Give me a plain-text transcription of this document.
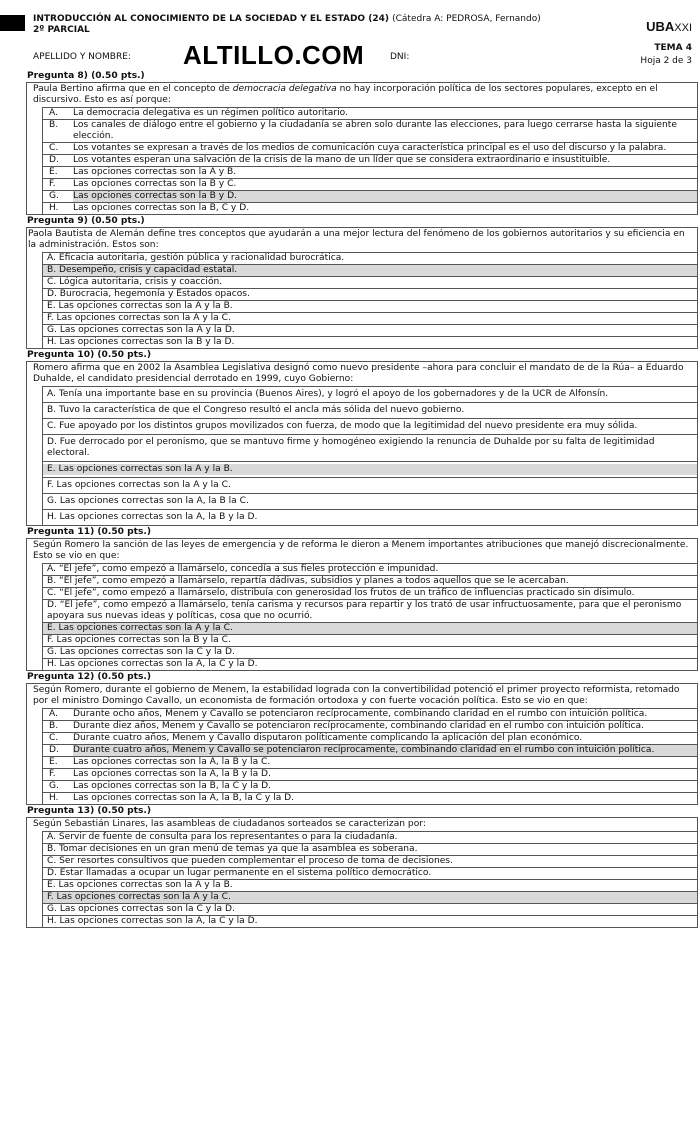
INTRODUCCIÓN AL CONOCIMIENTO DE LA SOCIEDAD Y EL ESTADO (24) (Cátedra A: PEDROSA, Fernando)
2º PARCIAL
APELLIDO Y NOMBRE: ALTILLO.COM	DNI:
UBAXXI
TEMA 4
Hoja 2 de 3
Pregunta 8) (0.50 pts.)
Paula Bertino afirma que en el concepto de democracia delegativa no hay incorporación política de los sectores populares, excepto en el discursivo. Esto es así porque:
A.	La democracia delegativa es un régimen político autoritario.
B.	Los canales de diálogo entre el gobierno y la ciudadanía se abren solo durante las elecciones, para luego cerrarse hasta la siguiente elección.
C.	Los votantes se expresan a través de los medios de comunicación cuya característica principal es el uso del discurso y la palabra.
D.	Los votantes esperan una salvación de la crisis de la mano de un líder que se considera extraordinario e insustituible.
E.	Las opciones correctas son la A y B.
F.	Las opciones correctas son la B y C.
G.	Las opciones correctas son la B y D.
H.	Las opciones correctas son la B, C y D.
Pregunta 9) (0.50 pts.)
Paola Bautista de Alemán define tres conceptos que ayudarán a una mejor lectura del fenómeno de los gobiernos autoritarios y su eficiencia en la administración. Estos son:
A. Eficacia autoritaria, gestión pública y racionalidad burocrática.
B. Desempeño, crisis y capacidad estatal.
C. Lógica autoritaria, crisis y coacción.
D. Burocracia, hegemonía y Estados opacos.
E. Las opciones correctas son la A y la B.
F. Las opciones correctas son la A y la C.
G. Las opciones correctas son la A y la D.
H. Las opciones correctas son la B y la D.
Pregunta 10) (0.50 pts.)
Romero afirma que en 2002 la Asamblea Legislativa designó como nuevo presidente –ahora para concluir el mandato de de la Rúa– a Eduardo Duhalde, el candidato presidencial derrotado en 1999, cuyo Gobierno:
A. Tenía una importante base en su provincia (Buenos Aires), y logró el apoyo de los gobernadores y de la UCR de Alfonsín.
B. Tuvo la característica de que el Congreso resultó el ancla más sólida del nuevo gobierno.
C. Fue apoyado por los distintos grupos movilizados con fuerza, de modo que la legitimidad del nuevo presidente era muy sólida.
D. Fue derrocado por el peronismo, que se mantuvo firme y homogéneo exigiendo la renuncia de Duhalde por su falta de legitimidad electoral.
E. Las opciones correctas son la A y la B.
F. Las opciones correctas son la A y la C.
G. Las opciones correctas son la A, la B la C.
H. Las opciones correctas son la A, la B y la D.
Pregunta 11) (0.50 pts.)
Según Romero la sanción de las leyes de emergencia y de reforma le dieron a Menem importantes atribuciones que manejó discrecionalmente. Esto se vio en que:
A. “El jefe”, como empezó a llamárselo, concedía a sus fieles protección e impunidad.
B. “El jefe”, como empezó a llamárselo, repartía dádivas, subsidios y planes a todos aquellos que se le acercaban.
C. “El jefe”, como empezó a llamárselo, distribuía con generosidad los frutos de un tráfico de influencias practicado sin disimulo.
D. “El jefe”, como empezó a llamárselo, tenía carisma y recursos para repartir y los trató de usar infructuosamente, para que el peronismo apoyara sus nuevas ideas y políticas, cosa que no ocurrió.
E. Las opciones correctas son la A y la C.
F. Las opciones correctas son la B y la C.
G. Las opciones correctas son la C y la D.
H. Las opciones correctas son la A, la C y la D.
Pregunta 12) (0.50 pts.)
Según Romero, durante el gobierno de Menem, la estabilidad lograda con la convertibilidad potenció el primer proyecto reformista, retomado por el ministro Domingo Cavallo, un economista de formación ortodoxa y con fuerte vocación política. Esto se vio en que:
A.	Durante ocho años, Menem y Cavallo se potenciaron recíprocamente, combinando claridad en el rumbo con intuición política.
B.	Durante diez años, Menem y Cavallo se potenciaron recíprocamente, combinando claridad en el rumbo con intuición política.
C.	Durante cuatro años, Menem y Cavallo disputaron políticamente complicando la aplicación del plan económico.
D.	Durante cuatro años, Menem y Cavallo se potenciaron recíprocamente, combinando claridad en el rumbo con intuición política.
E.	Las opciones correctas son la A, la B y la C.
F.	Las opciones correctas son la A, la B y la D.
G.	Las opciones correctas son la B, la C y la D.
H.	Las opciones correctas son la A, la B, la C y la D.
Pregunta 13) (0.50 pts.)
Según Sebastián Linares, las asambleas de ciudadanos sorteados se caracterizan por:
A. Servir de fuente de consulta para los representantes o para la ciudadanía.
B. Tomar decisiones en un gran menú de temas ya que la asamblea es soberana.
C. Ser resortes consultivos que pueden complementar el proceso de toma de decisiones.
D. Estar llamadas a ocupar un lugar permanente en el sistema político democrático.
E. Las opciones correctas son la A y la B.
F. Las opciones correctas son la A y la C.
G. Las opciones correctas son la C y la D.
H. Las opciones correctas son la A, la C y la D.
